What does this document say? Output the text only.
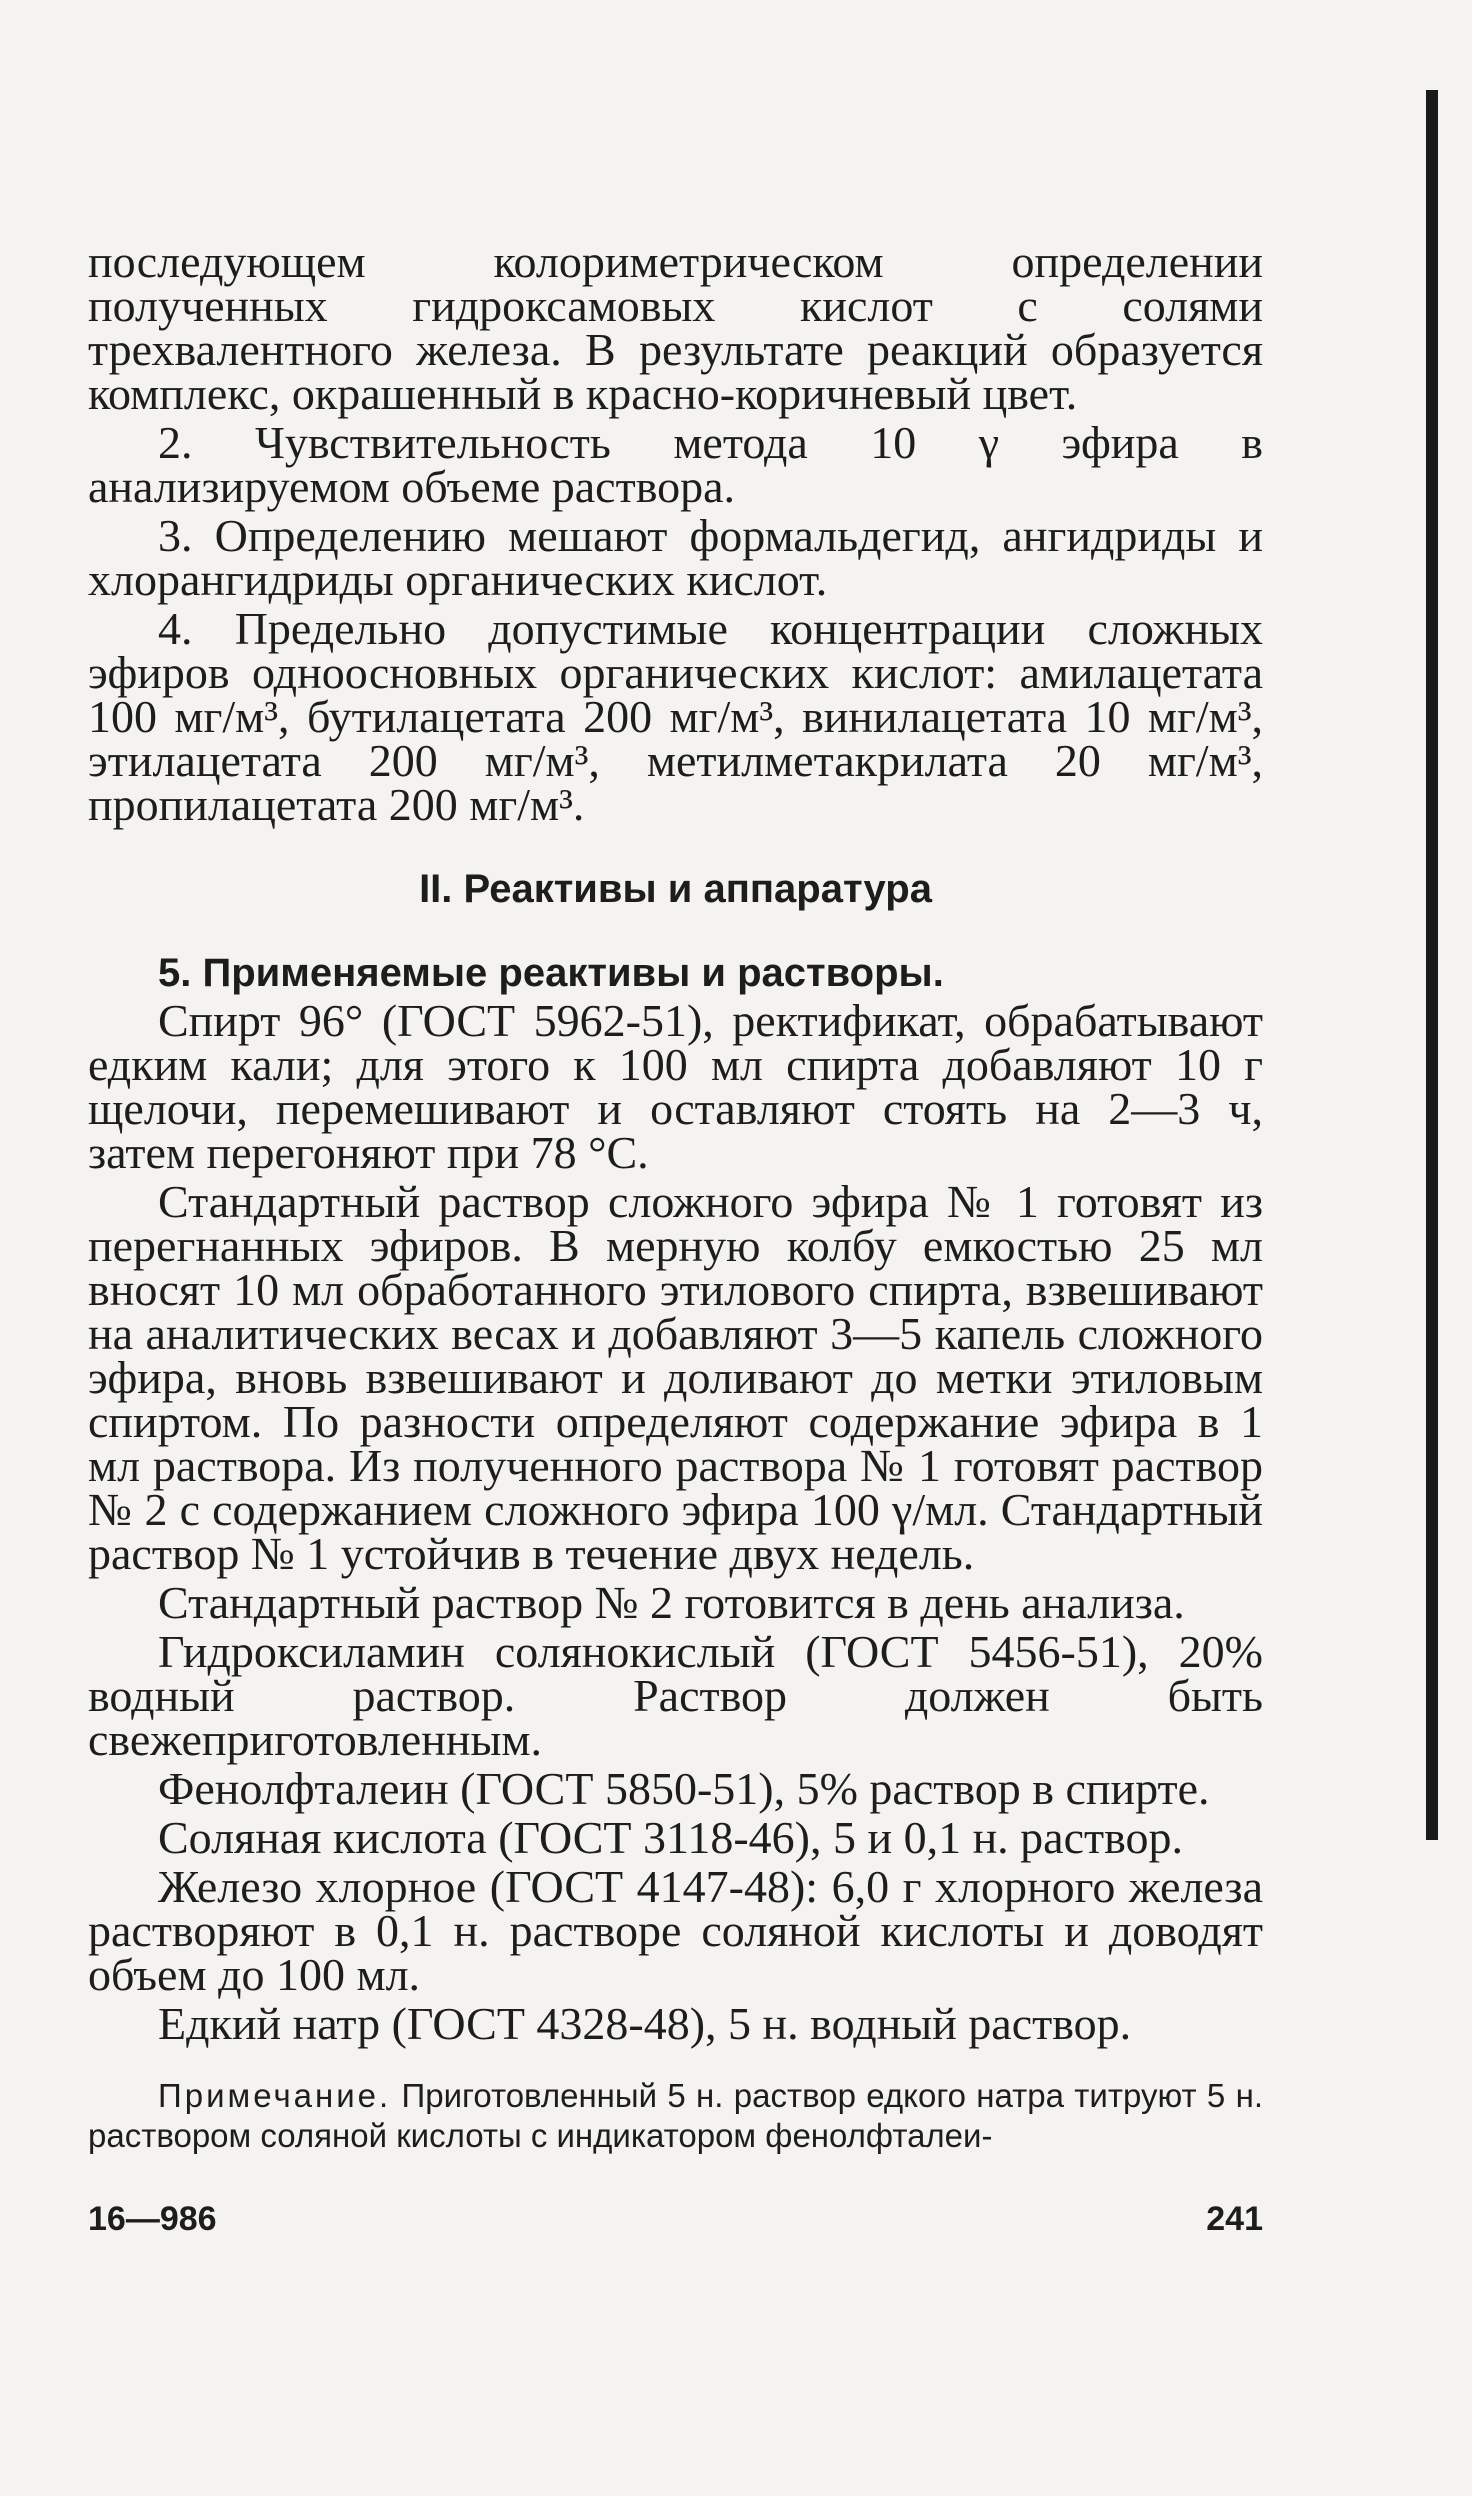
последующем колориметрическом определении полученных гидроксамовых кислот с солями трехвалентного железа. В результате реакций образуется комплекс, окрашенный в красно-коричневый цвет.

2. Чувствительность метода 10 γ эфира в анализируемом объеме раствора.

3. Определению мешают формальдегид, ангидриды и хлорангидриды органических кислот.

4. Предельно допустимые концентрации сложных эфиров одноосновных органических кислот: амилацетата 100 мг/м³, бутилацетата 200 мг/м³, винилацетата 10 мг/м³, этилацетата 200 мг/м³, метилметакрилата 20 мг/м³, пропилацетата 200 мг/м³.

II. Реактивы и аппаратура
5. Применяемые реактивы и растворы.

Спирт 96° (ГОСТ 5962-51), ректификат, обрабатывают едким кали; для этого к 100 мл спирта добавляют 10 г щелочи, перемешивают и оставляют стоять на 2—3 ч, затем перегоняют при 78 °С.

Стандартный раствор сложного эфира № 1 готовят из перегнанных эфиров. В мерную колбу емкостью 25 мл вносят 10 мл обработанного этилового спирта, взвешивают на аналитических весах и добавляют 3—5 капель сложного эфира, вновь взвешивают и доливают до метки этиловым спиртом. По разности определяют содержание эфира в 1 мл раствора. Из полученного раствора № 1 готовят раствор № 2 с содержанием сложного эфира 100 γ/мл. Стандартный раствор № 1 устойчив в течение двух недель.

Стандартный раствор № 2 готовится в день анализа.

Гидроксиламин солянокислый (ГОСТ 5456-51), 20% водный раствор. Раствор должен быть свежеприготовленным.

Фенолфталеин (ГОСТ 5850-51), 5% раствор в спирте.

Соляная кислота (ГОСТ 3118-46), 5 и 0,1 н. раствор.

Железо хлорное (ГОСТ 4147-48): 6,0 г хлорного железа растворяют в 0,1 н. растворе соляной кислоты и доводят объем до 100 мл.

Едкий натр (ГОСТ 4328-48), 5 н. водный раствор.

Примечание. Приготовленный 5 н. раствор едкого натра титруют 5 н. раствором соляной кислоты с индикатором фенолфталеи-

16—986	241
